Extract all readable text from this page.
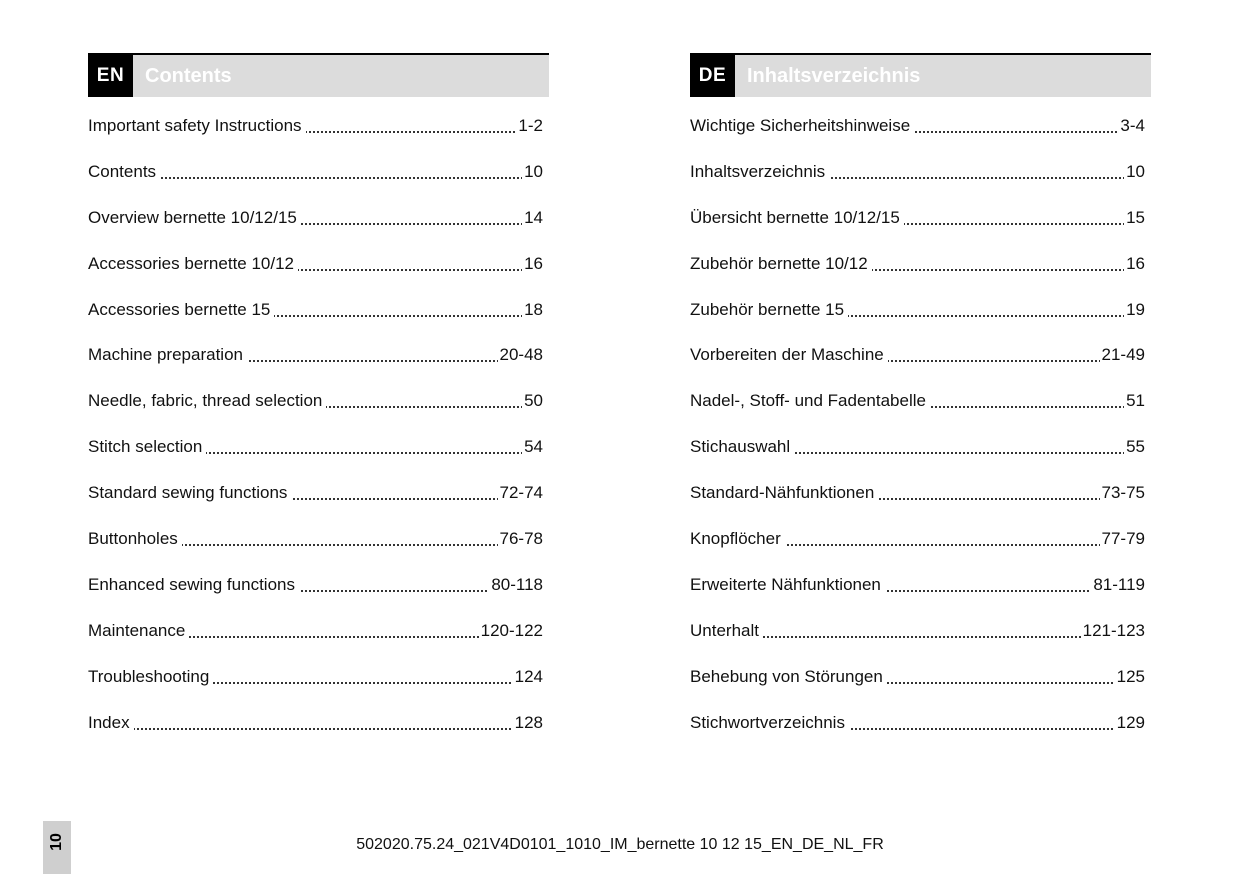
EN	Contents
Important safety Instructions	1-2
Contents	10
Overview bernette 10/12/15	14
Accessories bernette 10/12	16
Accessories bernette 15	18
Machine preparation	20-48
Needle, fabric, thread selection	50
Stitch selection	54
Standard sewing functions	72-74
Buttonholes	76-78
Enhanced sewing functions	80-118
Maintenance	120-122
Troubleshooting	124
Index	128
DE	Inhaltsverzeichnis
Wichtige Sicherheitshinweise	3-4
Inhaltsverzeichnis	10
Übersicht bernette 10/12/15	15
Zubehör bernette 10/12	16
Zubehör bernette 15	19
Vorbereiten der Maschine	21-49
Nadel-, Stoff- und Fadentabelle	51
Stichauswahl	55
Standard-Nähfunktionen	73-75
Knopflöcher	77-79
Erweiterte Nähfunktionen	81-119
Unterhalt	121-123
Behebung von Störungen	125
Stichwortverzeichnis	129
10	502020.75.24_021V4D0101_1010_IM_bernette 10 12 15_EN_DE_NL_FR
